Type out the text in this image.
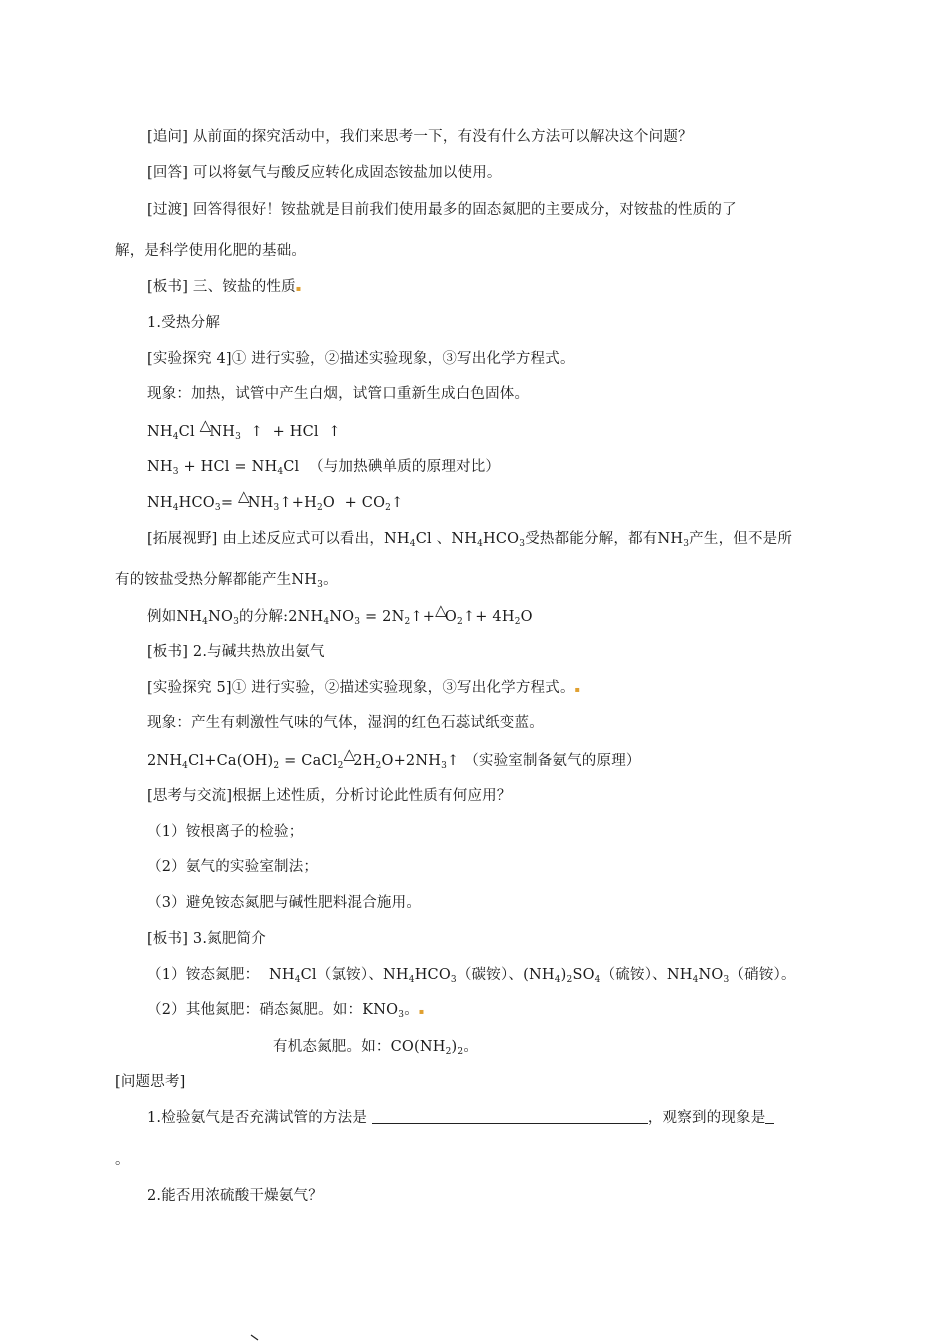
[追问] 从前面的探究活动中，我们来思考一下，有没有什么方法可以解决这个问题？
[回答] 可以将氨气与酸反应转化成固态铵盐加以使用。
[过渡] 回答得很好！铵盐就是目前我们使用最多的固态氮肥的主要成分，对铵盐的性质的了
解，是科学使用化肥的基础。
[板书] 三、铵盐的性质▪
1.受热分解
[实验探究 4]① 进行实验，②描述实验现象，③写出化学方程式。
现象：加热，试管中产生白烟，试管口重新生成白色固体。
$NH_4Cl$ $\triangle NH_3$  ↑  + HCl  ↑
$NH_3$ + HCl = $NH_4Cl$  （与加热碘单质的原理对比）
$NH_4HCO_3=$ $\triangle NH_3↑+H_2O$  + $CO_2↑$
[拓展视野] 由上述反应式可以看出，$NH_4Cl$ 、$NH_4HCO_3$受热都能分解，都有$NH_3$产生，但不是所
有的铵盐受热分解都能产生$NH_3$。
例如$NH_4NO_3$的分解$:2NH_4NO_3$ = $2N_2↑+\triangle O_2↑+ 4H_2O$
[板书] 2.与碱共热放出氨气
[实验探究 5]① 进行实验，②描述实验现象，③写出化学方程式。▪
现象：产生有刺激性气味的气体，湿润的红色石蕊试纸变蓝。
$2NH_4Cl+Ca(OH)_2$ = $CaCl_2\triangle 2H_2O+2NH_3↑$ （实验室制备氨气的原理）
[思考与交流]根据上述性质，分析讨论此性质有何应用？
（1）铵根离子的检验；
（2）氨气的实验室制法；
（3）避免铵态氮肥与碱性肥料混合施用。
[板书] 3.氮肥简介
（1）铵态氮肥：  $NH_4Cl$（氯铵）、$NH_4HCO_3$（碳铵）、$(NH_4)_2SO_4$（硫铵）、$NH_4NO_3$（硝铵）。
（2）其他氮肥：硝态氮肥。如：$KNO_3$。▪
有机态氮肥。如：$CO(NH_2)_2$。
[问题思考]
1.检验氨气是否充满试管的方法是	，观察到的现象是
。
2.能否用浓硫酸干燥氨气？
